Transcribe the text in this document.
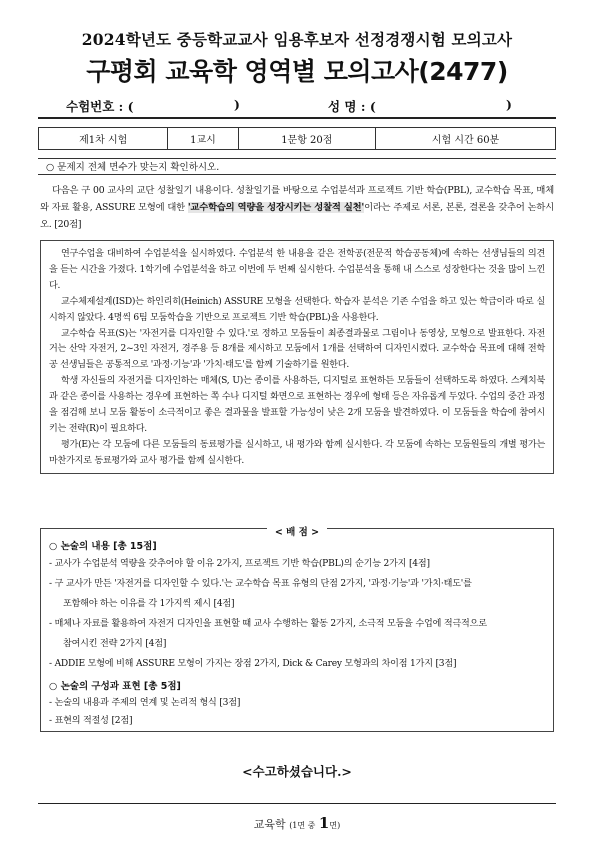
2024학년도 중등학교교사 임용후보자 선정경쟁시험 모의고사
구평회 교육학 영역별 모의고사(2477)
수험번호 : (	)	성 명 : (	)
제1차 시험	1교시	1문항 20점	시험 시간 60분
○ 문제지 전체 면수가 맞는지 확인하시오.
다음은 구 00 교사의 교단 성찰일기 내용이다. 성찰일기를 바탕으로 수업분석과 프로젝트 기반 학습(PBL), 교수학습 목표, 매체와 자료 활용, ASSURE 모형에 대한 '교수학습의 역량을 성장시키는 성찰적 실천'이라는 주제로 서론, 본론, 결론을 갖추어 논하시오. [20점]

연구수업을 대비하여 수업분석을 실시하였다. 수업분석 한 내용을 같은 전학공(전문적 학습공동체)에 속하는 선생님들의 의견을 듣는 시간을 가졌다. 1학기에 수업분석을 하고 이번에 두 번째 실시한다. 수업분석을 통해 내 스스로 성장한다는 것을 많이 느낀다.

교수체제설계(ISD)는 하인리히(Heinich) ASSURE 모형을 선택한다. 학습자 분석은 기존 수업을 하고 있는 학급이라 따로 실시하지 않았다. 4명씩 6팀 모둠학습을 기반으로 프로젝트 기반 학습(PBL)을 사용한다.

교수학습 목표(S)는 '자전거를 디자인할 수 있다.'로 정하고 모둠들이 최종결과물로 그림이나 동영상, 모형으로 발표한다. 자전거는 산악 자전거, 2~3인 자전거, 경주용 등 8개를 제시하고 모둠에서 1개를 선택하여 디자인시켰다. 교수학습 목표에 대해 전학공 선생님들은 공통적으로 '과정·기능'과 '가치·태도'를 함께 기술하기를 원한다.

학생 자신들의 자전거를 디자인하는 매체(S, U)는 종이를 사용하든, 디지털로 표현하든 모둠들이 선택하도록 하였다. 스케치북과 같은 종이를 사용하는 경우에 표현하는 쪽 수나 디지털 화면으로 표현하는 경우에 형태 등은 자유롭게 두었다. 수업의 중간 과정을 점검해 보니 모둠 활동이 소극적이고 좋은 결과물을 발표할 가능성이 낮은 2개 모둠을 발견하였다. 이 모둠들을 학습에 참여시키는 전략(R)이 필요하다.

평가(E)는 각 모둠에 다른 모둠들의 동료평가를 실시하고, 내 평가와 함께 실시한다. 각 모둠에 속하는 모둠원들의 개별 평가는 마찬가지로 동료평가와 교사 평가를 함께 실시한다.

< 배 점 >
○ 논술의 내용 [총 15점]
- 교사가 수업분석 역량을 갖추어야 할 이유 2가지, 프로젝트 기반 학습(PBL)의 순기능 2가지 [4점]
- 구 교사가 만든 '자전거를 디자인할 수 있다.'는 교수학습 목표 유형의 단점 2가지, '과정·기능'과 '가치·태도'를
포함해야 하는 이유를 각 1가지씩 제시 [4점]
- 매체나 자료를 활용하여 자전거 디자인을 표현할 때 교사 수행하는 활동 2가지, 소극적 모둠을 수업에 적극적으로
참여시킨 전략 2가지 [4점]
- ADDIE 모형에 비해 ASSURE 모형이 가지는 장점 2가지, Dick & Carey 모형과의 차이점 1가지 [3점]
○ 논술의 구성과 표현 [총 5점]
- 논술의 내용과 주제의 연계 및 논리적 형식 [3점]
- 표현의 적절성 [2점]
<수고하셨습니다.>
교육학 (1면 중 1면)
